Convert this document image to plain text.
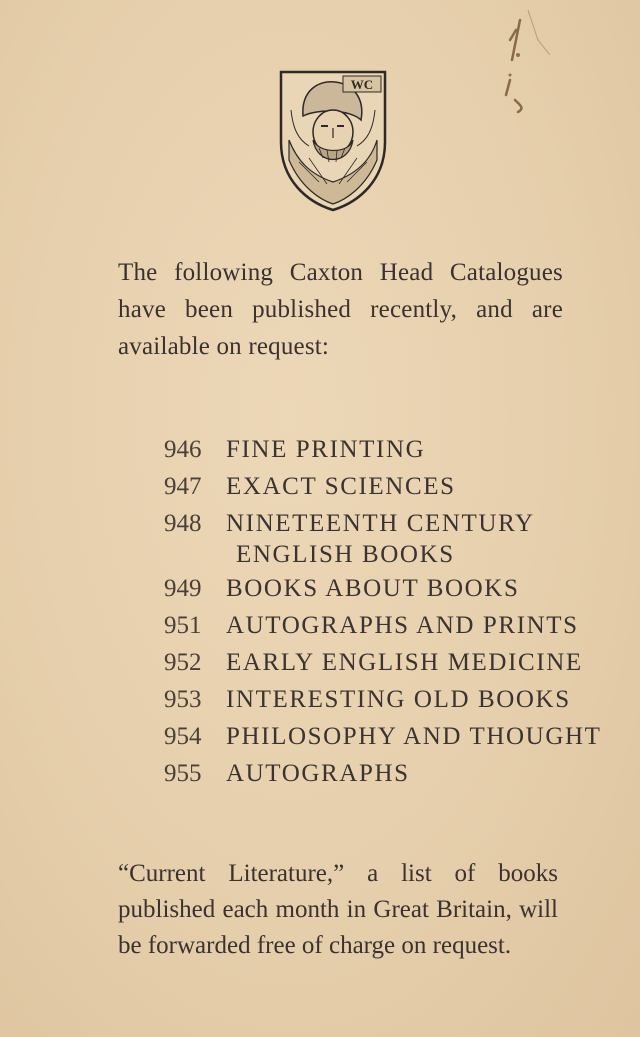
WC
The following Caxton Head Catalogues have been published recently, and are available on request:
946 FINE PRINTING
947 EXACT SCIENCES
948 NINETEENTH CENTURY
ENGLISH BOOKS
949 BOOKS ABOUT BOOKS
951 AUTOGRAPHS AND PRINTS
952 EARLY ENGLISH MEDICINE
953 INTERESTING OLD BOOKS
954 PHILOSOPHY AND THOUGHT
955 AUTOGRAPHS
“Current Literature,” a list of books published each month in Great Britain, will be forwarded free of charge on request.
